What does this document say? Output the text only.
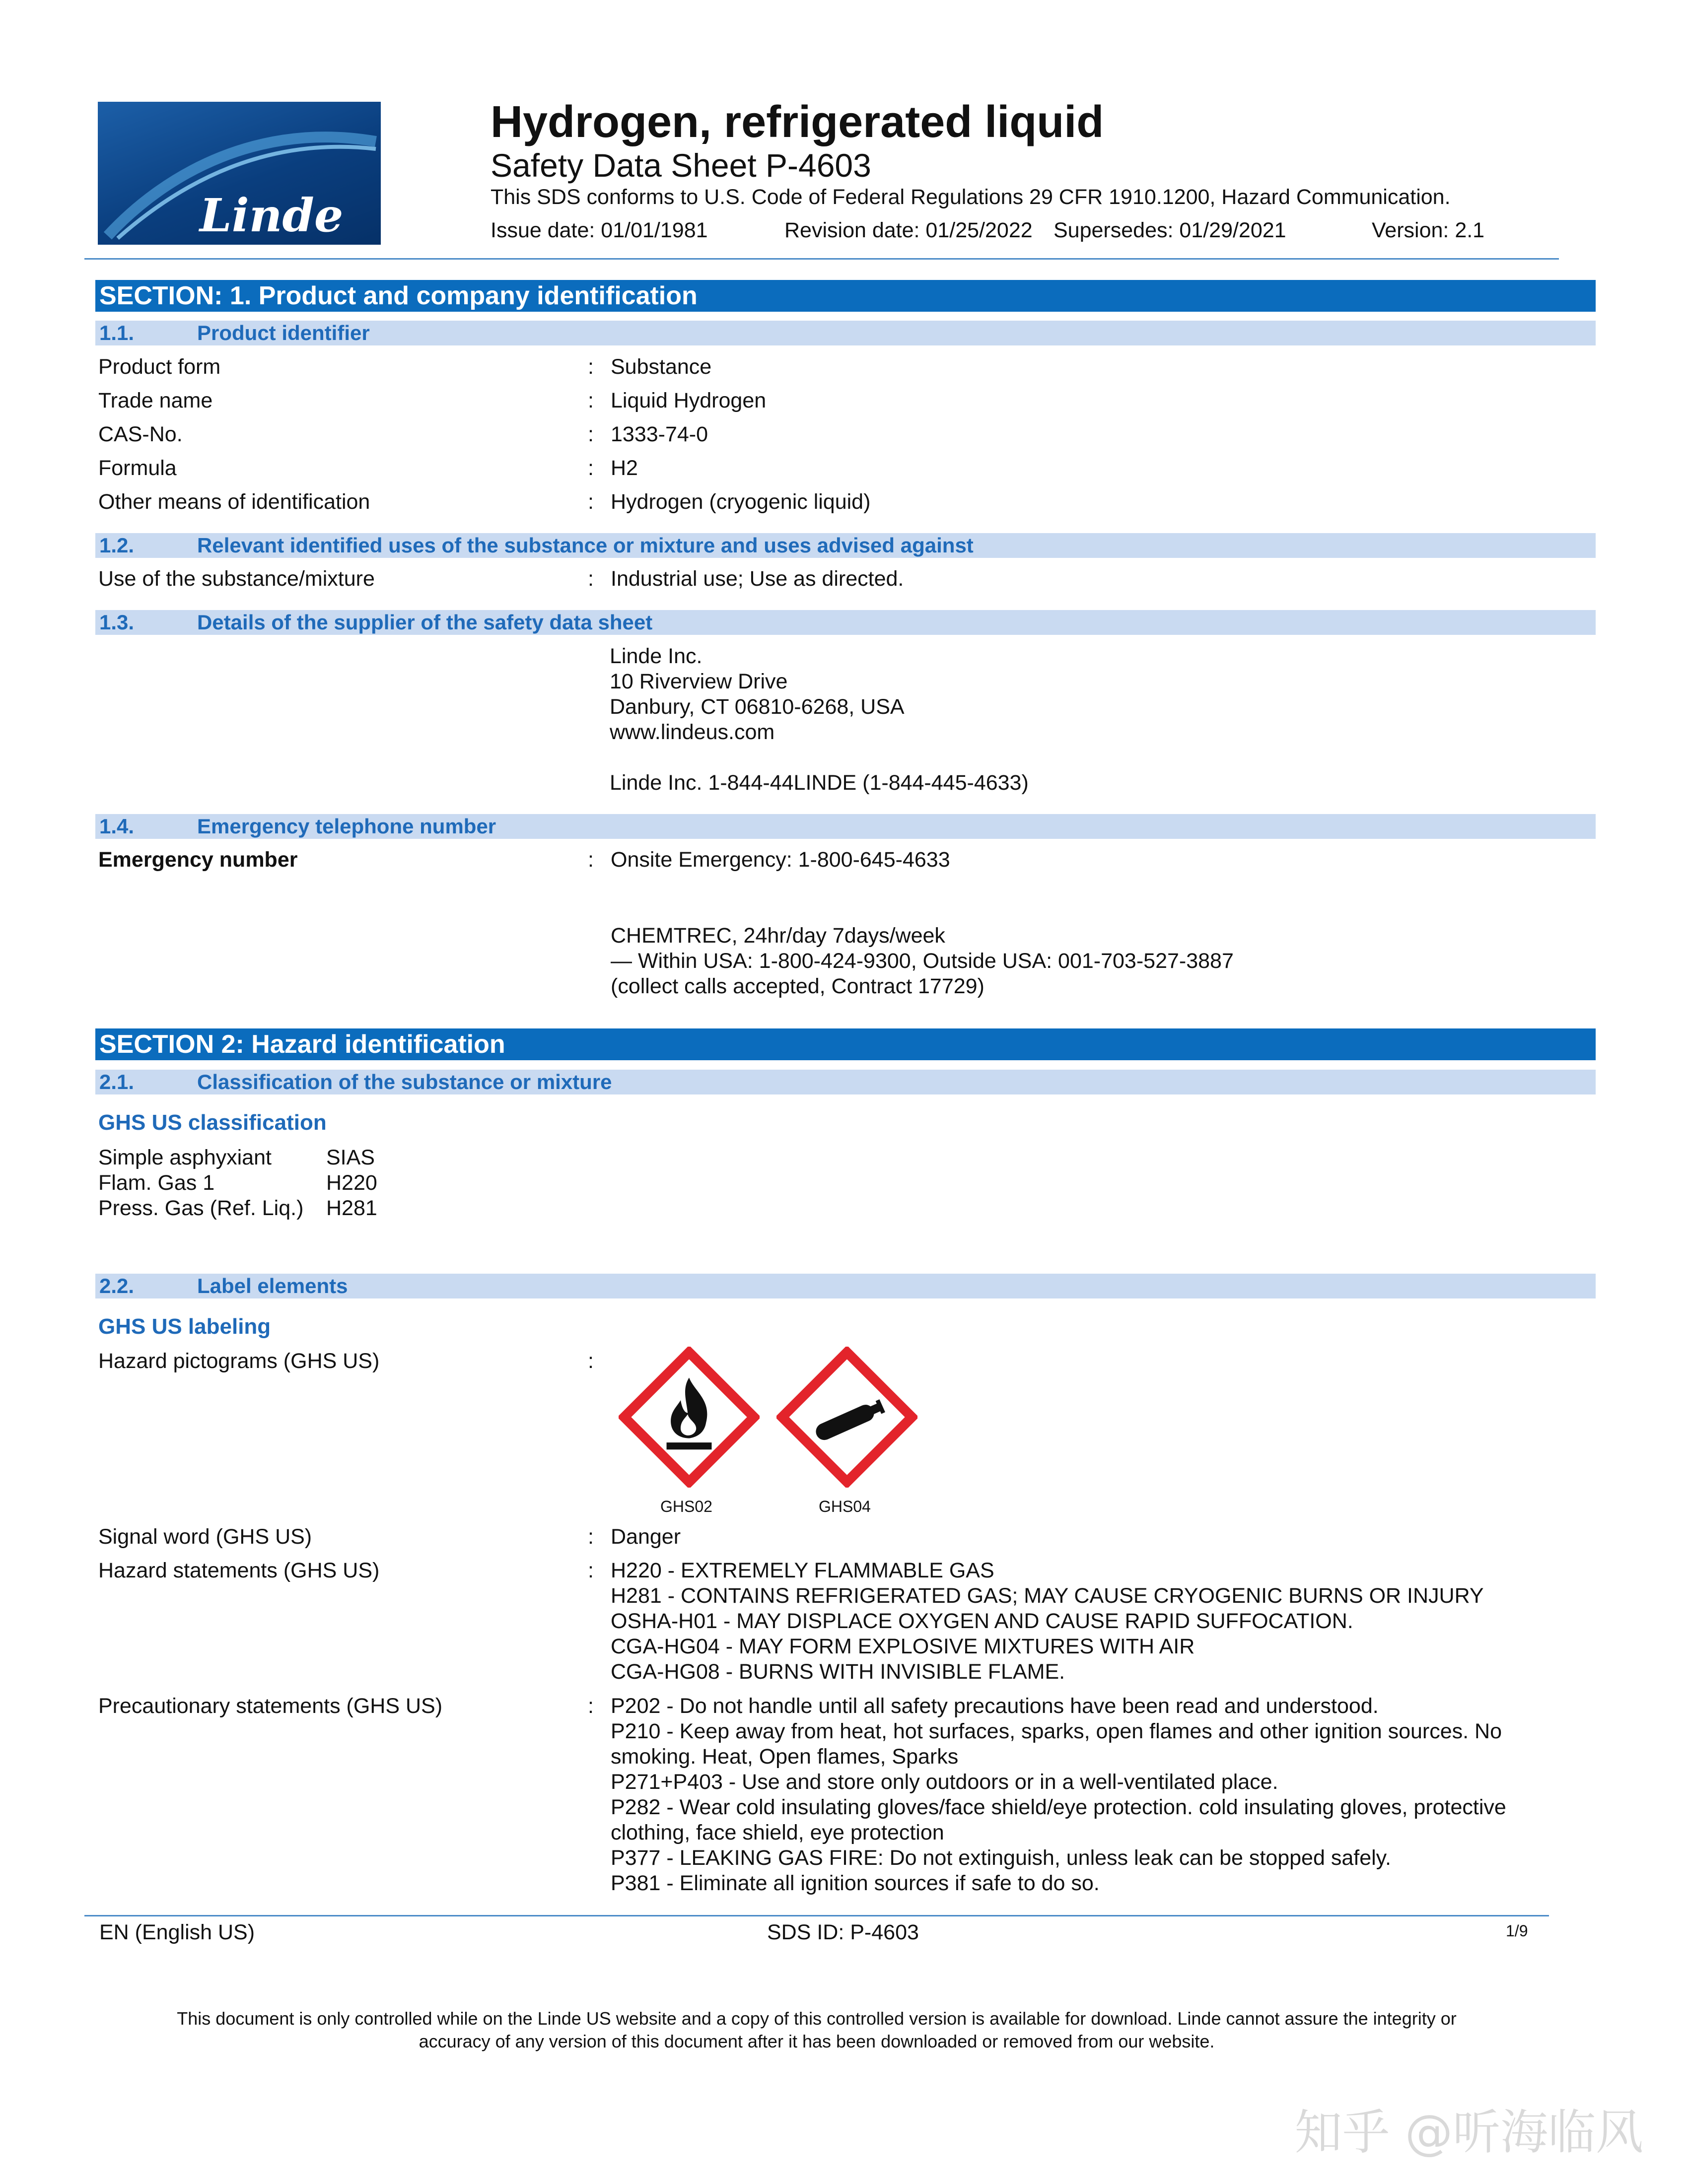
Linde
Hydrogen, refrigerated liquid
Safety Data Sheet P-4603
This SDS conforms to U.S. Code of Federal Regulations 29 CFR 1910.1200, Hazard Communication.
Issue date: 01/01/1981	Revision date: 01/25/2022 Supersedes: 01/29/2021	Version: 2.1
SECTION: 1. Product and company identification
1.1.	Product identifier
Product form	: Substance
Trade name	: Liquid Hydrogen
CAS-No.	: 1333-74-0
Formula	: H2
Other means of identification	: Hydrogen (cryogenic liquid)
1.2.	Relevant identified uses of the substance or mixture and uses advised against
Use of the substance/mixture	: Industrial use; Use as directed.
1.3.	Details of the supplier of the safety data sheet
Linde Inc.
10 Riverview Drive
Danbury, CT 06810-6268, USA
www.lindeus.com
Linde Inc. 1-844-44LINDE (1-844-445-4633)
1.4.	Emergency telephone number
Emergency number	: Onsite Emergency: 1-800-645-4633
CHEMTREC, 24hr/day 7days/week
— Within USA: 1-800-424-9300, Outside USA: 001-703-527-3887
(collect calls accepted, Contract 17729)
SECTION 2: Hazard identification
2.1.	Classification of the substance or mixture
GHS US classification
Simple asphyxiant	SIAS
Flam. Gas 1	H220
Press. Gas (Ref. Liq.) H281
2.2.	Label elements
GHS US labeling
Hazard pictograms (GHS US)	:
GHS02	GHS04
Signal word (GHS US)	: Danger
Hazard statements (GHS US)	: H220 - EXTREMELY FLAMMABLE GAS
H281 - CONTAINS REFRIGERATED GAS; MAY CAUSE CRYOGENIC BURNS OR INJURY
OSHA-H01 - MAY DISPLACE OXYGEN AND CAUSE RAPID SUFFOCATION.
CGA-HG04 - MAY FORM EXPLOSIVE MIXTURES WITH AIR
CGA-HG08 - BURNS WITH INVISIBLE FLAME.
Precautionary statements (GHS US)	: P202 - Do not handle until all safety precautions have been read and understood.
P210 - Keep away from heat, hot surfaces, sparks, open flames and other ignition sources. No
smoking. Heat, Open flames, Sparks
P271+P403 - Use and store only outdoors or in a well-ventilated place.
P282 - Wear cold insulating gloves/face shield/eye protection. cold insulating gloves, protective
clothing, face shield, eye protection
P377 - LEAKING GAS FIRE: Do not extinguish, unless leak can be stopped safely.
P381 - Eliminate all ignition sources if safe to do so.
EN (English US)	SDS ID: P-4603	1/9
This document is only controlled while on the Linde US website and a copy of this controlled version is available for download. Linde cannot assure the integrity or
accuracy of any version of this document after it has been downloaded or removed from our website.
知乎 @听海临风
